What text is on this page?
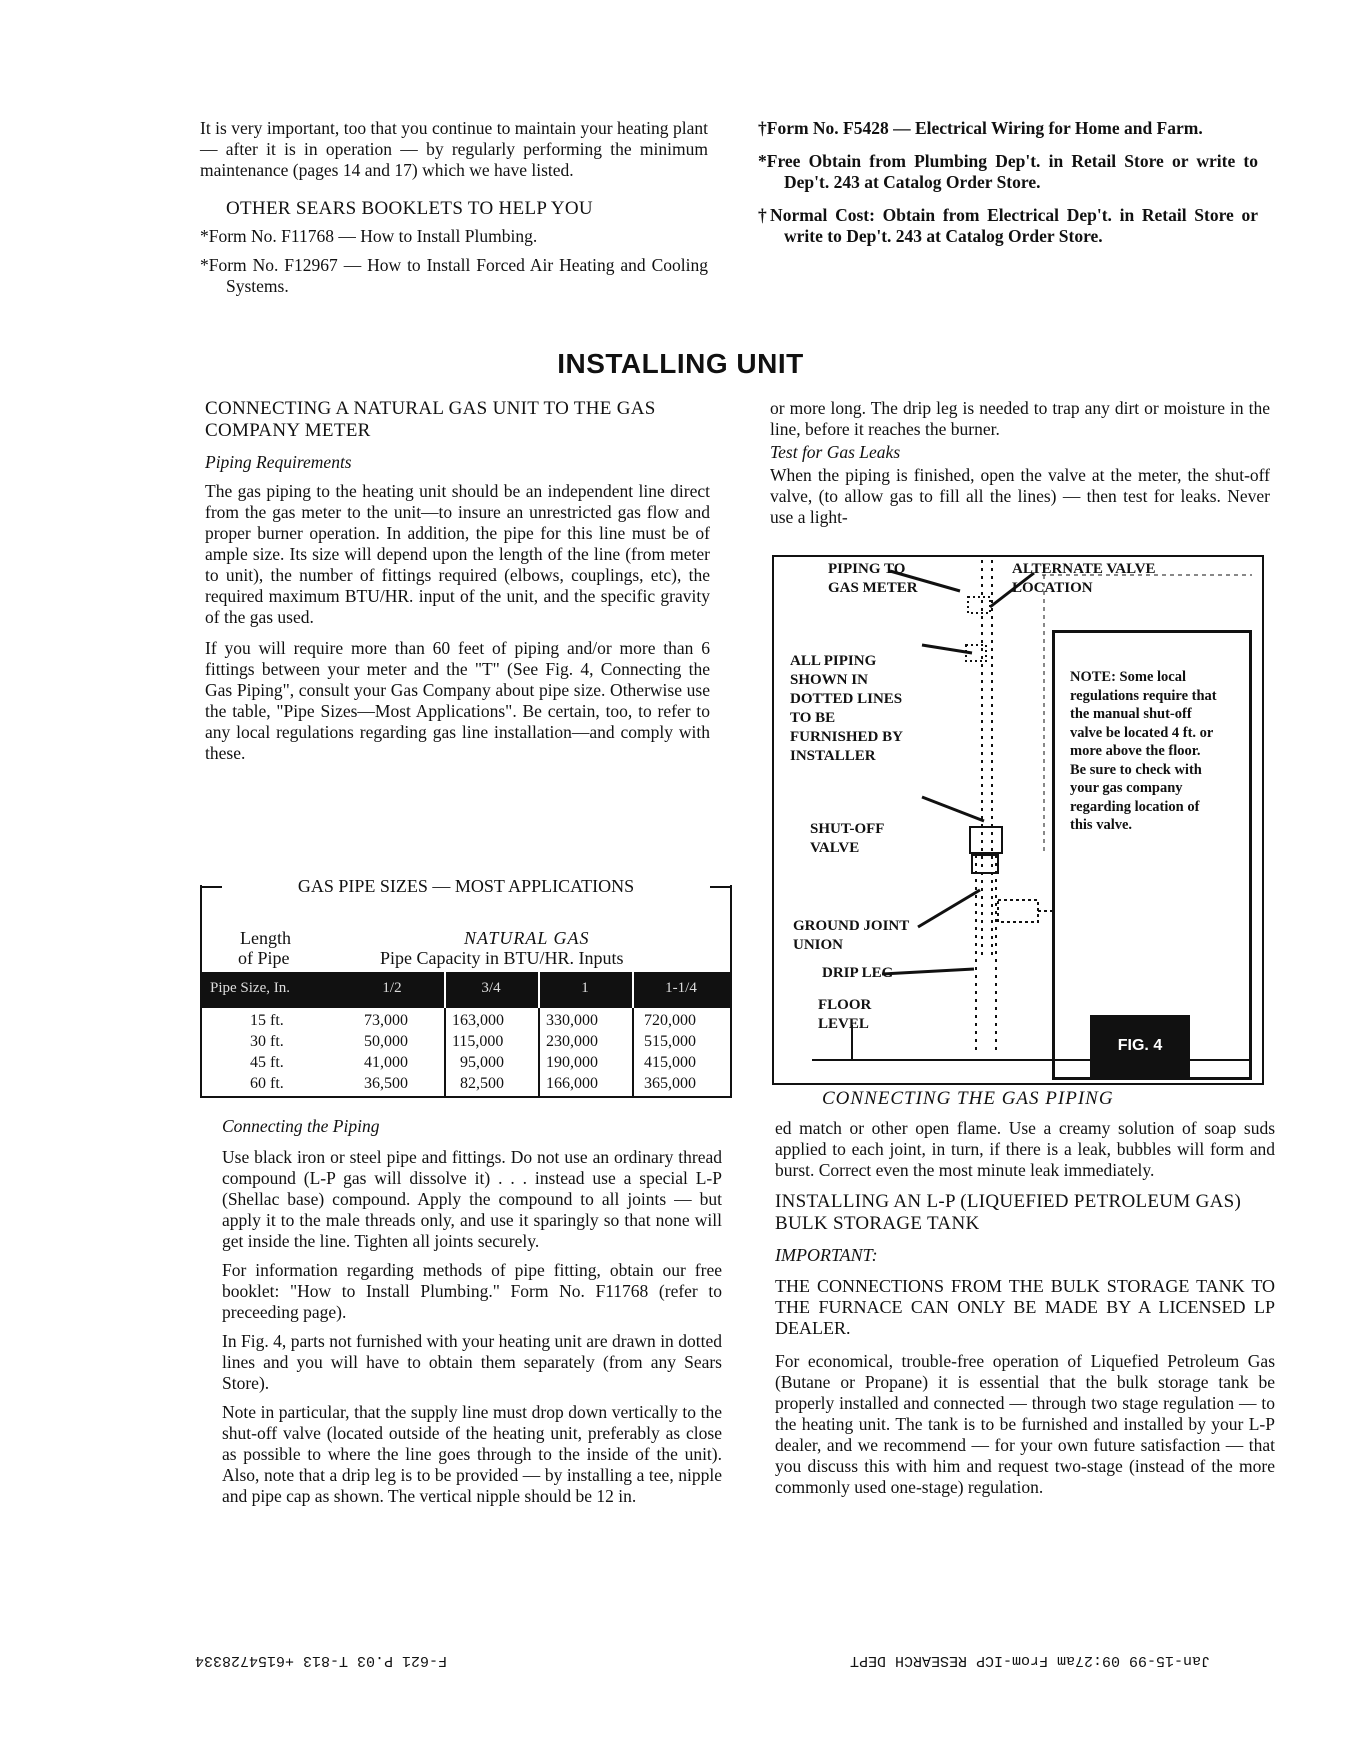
It is very important, too that you continue to maintain your heating plant — after it is in operation — by regularly performing the minimum maintenance (pages 14 and 17) which we have listed.

OTHER SEARS BOOKLETS TO HELP YOU

*Form No. F11768 — How to Install Plumbing.

*Form No. F12967 — How to Install Forced Air Heating and Cooling Systems.

†Form No. F5428 — Electrical Wiring for Home and Farm.

*Free Obtain from Plumbing Dep't. in Retail Store or write to Dep't. 243 at Catalog Order Store.

†Normal Cost: Obtain from Electrical Dep't. in Retail Store or write to Dep't. 243 at Catalog Order Store.

INSTALLING UNIT
CONNECTING A NATURAL GAS UNIT TO THE GAS COMPANY METER
Piping Requirements

The gas piping to the heating unit should be an independent line direct from the gas meter to the unit—to insure an unrestricted gas flow and proper burner operation. In addition, the pipe for this line must be of ample size. Its size will depend upon the length of the line (from meter to unit), the number of fittings required (elbows, couplings, etc), the required maximum BTU/HR. input of the unit, and the specific gravity of the gas used.

If you will require more than 60 feet of piping and/or more than 6 fittings between your meter and the "T" (See Fig. 4, Connecting the Gas Piping", consult your Gas Company about pipe size. Otherwise use the table, "Pipe Sizes—Most Applications". Be certain, too, to refer to any local regulations regarding gas line installation—and comply with these.

GAS PIPE SIZES — MOST APPLICATIONS
Length
of Pipe
NATURAL GAS
Pipe Capacity in BTU/HR. Inputs
Pipe Size, In.	1/2	3/4	1	1-1/4
15 ft.	73,000	163,000	330,000	720,000
30 ft.	50,000	115,000	230,000	515,000
45 ft.	41,000	95,000	190,000	415,000
60 ft.	36,500	82,500	166,000	365,000
Connecting the Piping

Use black iron or steel pipe and fittings. Do not use an ordinary thread compound (L-P gas will dissolve it) . . . instead use a special L-P (Shellac base) compound. Apply the compound to all joints — but apply it to the male threads only, and use it sparingly so that none will get inside the line. Tighten all joints securely.

For information regarding methods of pipe fitting, obtain our free booklet: "How to Install Plumbing." Form No. F11768 (refer to preceeding page).

In Fig. 4, parts not furnished with your heating unit are drawn in dotted lines and you will have to obtain them separately (from any Sears Store).

Note in particular, that the supply line must drop down vertically to the shut-off valve (located outside of the heating unit, preferably as close as possible to where the line goes through to the inside of the unit). Also, note that a drip leg is to be provided — by installing a tee, nipple and pipe cap as shown. The vertical nipple should be 12 in.

or more long. The drip leg is needed to trap any dirt or moisture in the line, before it reaches the burner.

Test for Gas Leaks

When the piping is finished, open the valve at the meter, the shut-off valve, (to allow gas to fill all the lines) — then test for leaks. Never use a light-

PIPING TO GAS METER
ALTERNATE VALVE LOCATION
ALL PIPING SHOWN IN DOTTED LINES TO BE FURNISHED BY INSTALLER
SHUT-OFF VALVE
GROUND JOINT UNION
DRIP LEG
FLOOR LEVEL
NOTE: Some local regulations require that the manual shut-off valve be located 4 ft. or more above the floor. Be sure to check with your gas company regarding location of this valve.
FIG. 4
CONNECTING THE GAS PIPING

ed match or other open flame. Use a creamy solution of soap suds applied to each joint, in turn, if there is a leak, bubbles will form and burst. Correct even the most minute leak immediately.

INSTALLING AN L-P (LIQUEFIED PETROLEUM GAS) BULK STORAGE TANK
IMPORTANT:
THE CONNECTIONS FROM THE BULK STORAGE TANK TO THE FURNACE CAN ONLY BE MADE BY A LICENSED LP DEALER.

For economical, trouble-free operation of Liquefied Petroleum Gas (Butane or Propane) it is essential that the bulk storage tank be properly installed and connected — through two stage regulation — to the heating unit. The tank is to be furnished and installed by your L-P dealer, and we recommend — for your own future satisfaction — that you discuss this with him and request two-stage (instead of the more commonly used one-stage) regulation.

F-621 P.03 T-813 +6154728334	Jan-15-99 09:27am From-ICP RESEARCH DEPT
